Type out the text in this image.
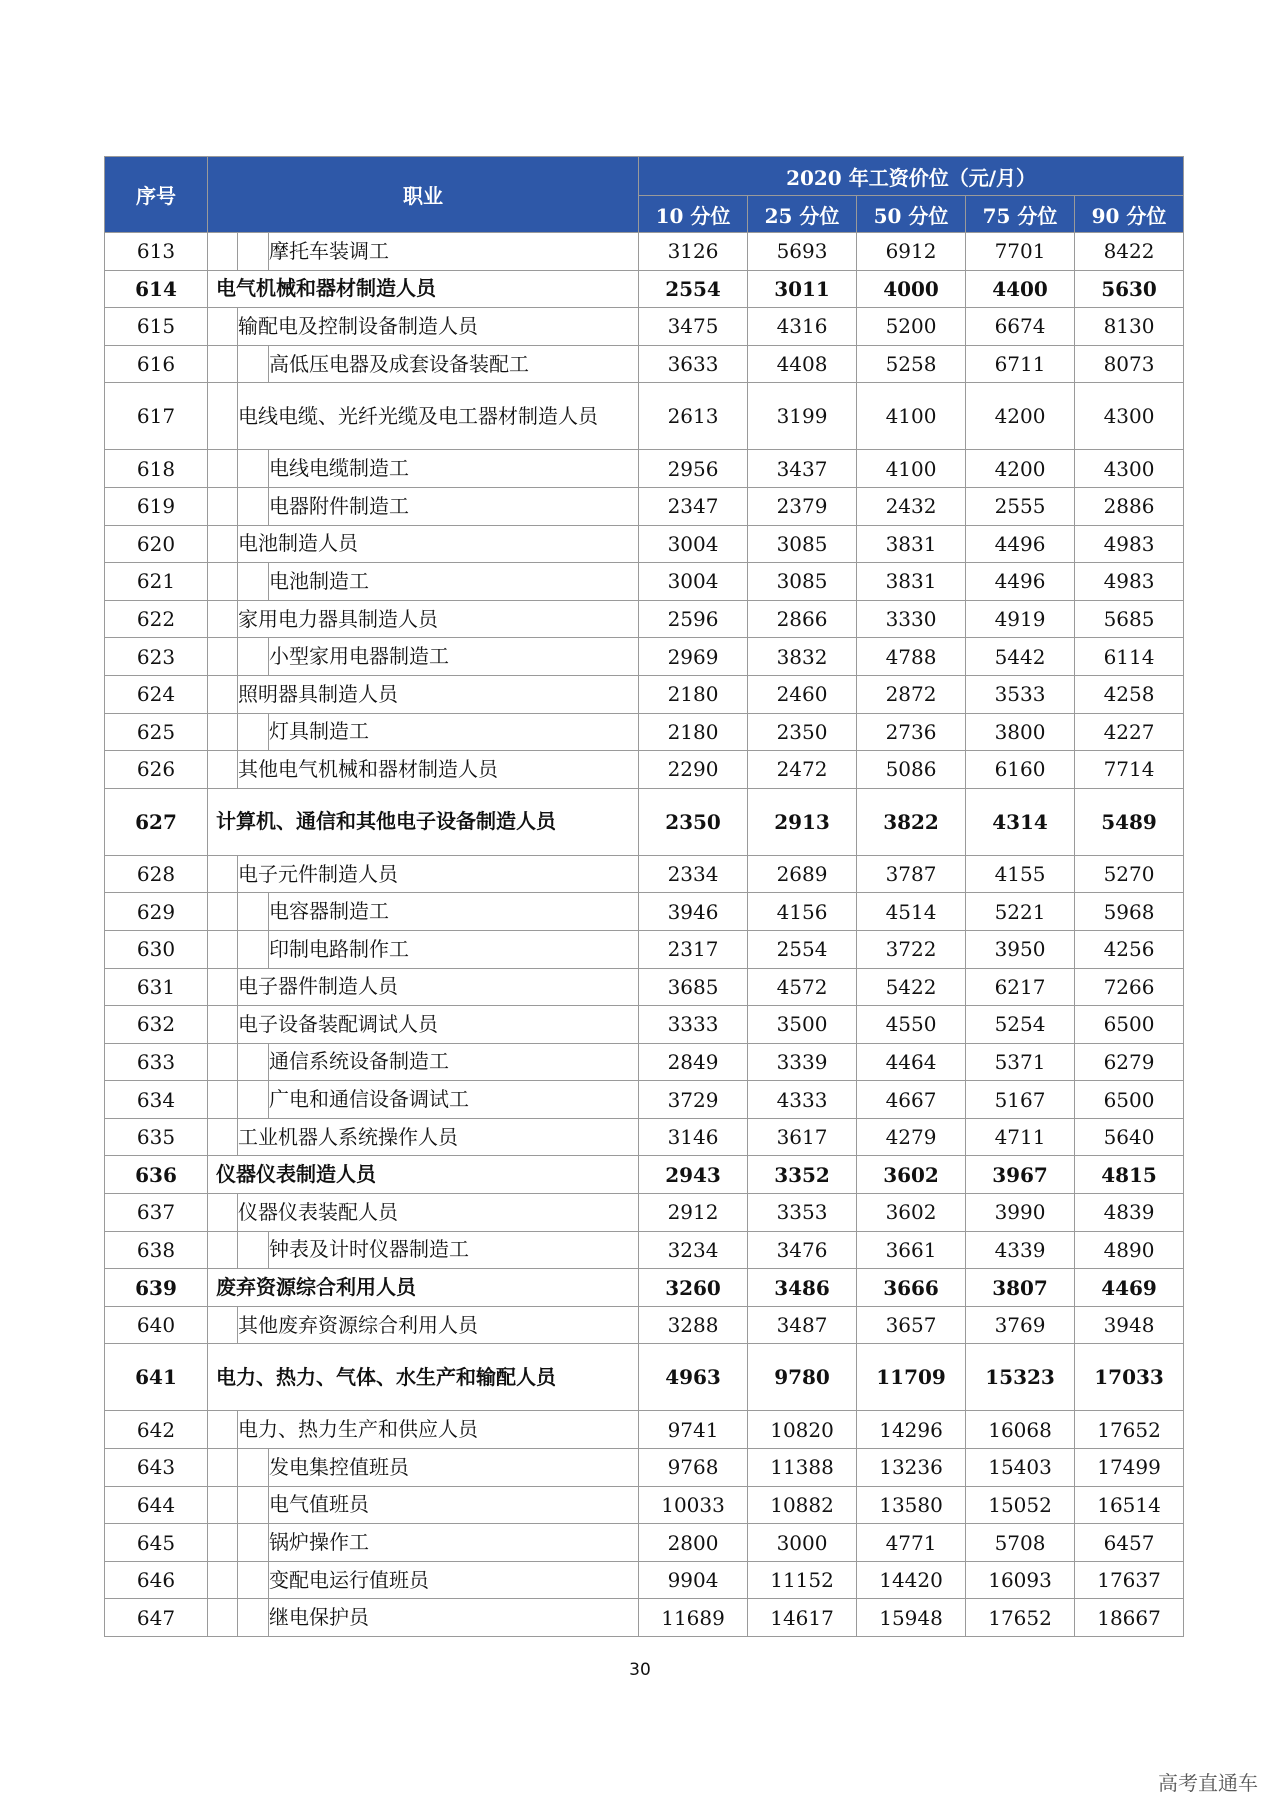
序号	职业			2020 年工资价位（元/月）				
				10 分位	25 分位	50 分位	75 分位	90 分位
613			摩托车装调工	3126	5693	6912	7701	8422
614	电气机械和器材制造人员			2554	3011	4000	4400	5630
615		输配电及控制设备制造人员		3475	4316	5200	6674	8130
616			高低压电器及成套设备装配工	3633	4408	5258	6711	8073
617		电线电缆、光纤光缆及电工器材制造人员		2613	3199	4100	4200	4300
618			电线电缆制造工	2956	3437	4100	4200	4300
619			电器附件制造工	2347	2379	2432	2555	2886
620		电池制造人员		3004	3085	3831	4496	4983
621			电池制造工	3004	3085	3831	4496	4983
622		家用电力器具制造人员		2596	2866	3330	4919	5685
623			小型家用电器制造工	2969	3832	4788	5442	6114
624		照明器具制造人员		2180	2460	2872	3533	4258
625			灯具制造工	2180	2350	2736	3800	4227
626		其他电气机械和器材制造人员		2290	2472	5086	6160	7714
627	计算机、通信和其他电子设备制造人员			2350	2913	3822	4314	5489
628		电子元件制造人员		2334	2689	3787	4155	5270
629			电容器制造工	3946	4156	4514	5221	5968
630			印制电路制作工	2317	2554	3722	3950	4256
631		电子器件制造人员		3685	4572	5422	6217	7266
632		电子设备装配调试人员		3333	3500	4550	5254	6500
633			通信系统设备制造工	2849	3339	4464	5371	6279
634			广电和通信设备调试工	3729	4333	4667	5167	6500
635		工业机器人系统操作人员		3146	3617	4279	4711	5640
636	仪器仪表制造人员			2943	3352	3602	3967	4815
637		仪器仪表装配人员		2912	3353	3602	3990	4839
638			钟表及计时仪器制造工	3234	3476	3661	4339	4890
639	废弃资源综合利用人员			3260	3486	3666	3807	4469
640		其他废弃资源综合利用人员		3288	3487	3657	3769	3948
641	电力、热力、气体、水生产和输配人员			4963	9780	11709	15323	17033
642		电力、热力生产和供应人员		9741	10820	14296	16068	17652
643			发电集控值班员	9768	11388	13236	15403	17499
644			电气值班员	10033	10882	13580	15052	16514
645			锅炉操作工	2800	3000	4771	5708	6457
646			变配电运行值班员	9904	11152	14420	16093	17637
647			继电保护员	11689	14617	15948	17652	18667
30
高考直通车
